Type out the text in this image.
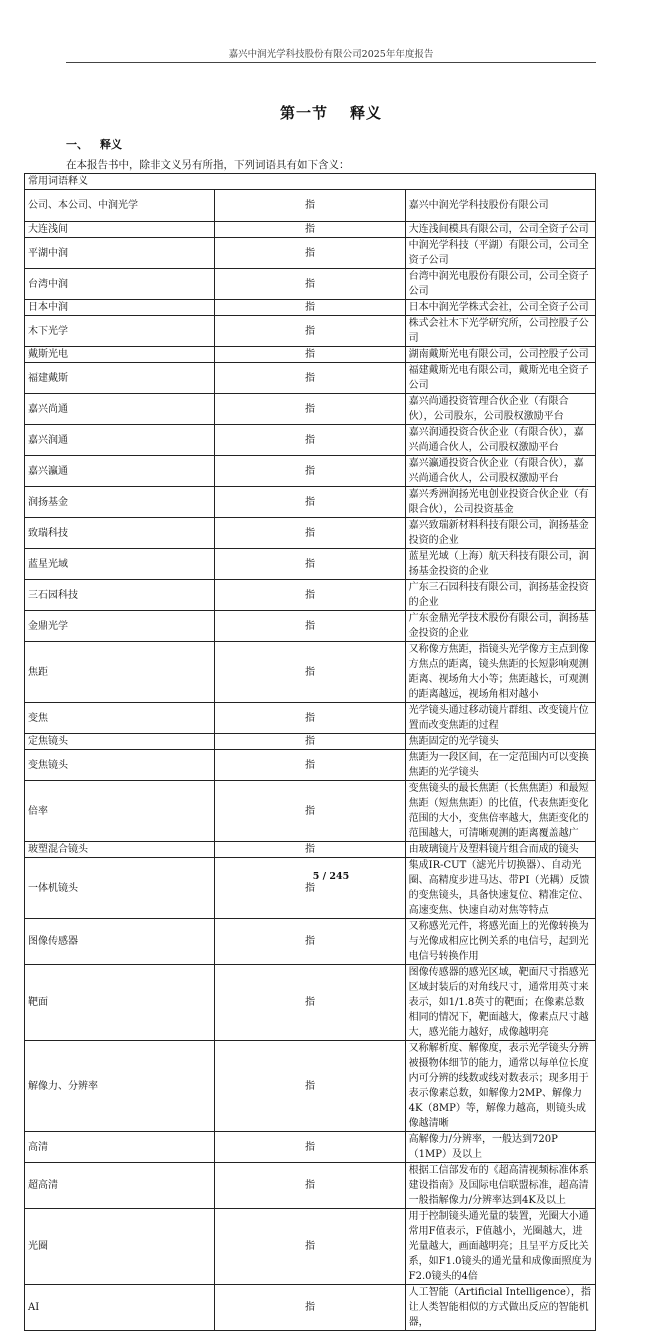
嘉兴中润光学科技股份有限公司2025年年度报告
第一节 释义
一、 释义
在本报告书中，除非文义另有所指，下列词语具有如下含义：
常用词语释义		
公司、本公司、中润光学	指	嘉兴中润光学科技股份有限公司
大连浅间	指	大连浅间模具有限公司，公司全资子公司
平湖中润	指	中润光学科技（平湖）有限公司，公司全资子公司
台湾中润	指	台湾中润光电股份有限公司，公司全资子公司
日本中润	指	日本中润光学株式会社，公司全资子公司
木下光学	指	株式会社木下光学研究所，公司控股子公司
戴斯光电	指	湖南戴斯光电有限公司，公司控股子公司
福建戴斯	指	福建戴斯光电有限公司，戴斯光电全资子公司
嘉兴尚通	指	嘉兴尚通投资管理合伙企业（有限合伙），公司股东，公司股权激励平台
嘉兴润通	指	嘉兴润通投资合伙企业（有限合伙），嘉兴尚通合伙人，公司股权激励平台
嘉兴瀛通	指	嘉兴瀛通投资合伙企业（有限合伙），嘉兴尚通合伙人，公司股权激励平台
润扬基金	指	嘉兴秀洲润扬光电创业投资合伙企业（有限合伙），公司投资基金
致瑞科技	指	嘉兴致瑞新材料科技有限公司，润扬基金投资的企业
蓝星光域	指	蓝星光域（上海）航天科技有限公司，润扬基金投资的企业
三石园科技	指	广东三石园科技有限公司，润扬基金投资的企业
金鼎光学	指	广东金鼎光学技术股份有限公司，润扬基金投资的企业
焦距	指	又称像方焦距，指镜头光学像方主点到像方焦点的距离，镜头焦距的长短影响观测距离、视场角大小等；焦距越长，可观测的距离越远，视场角相对越小
变焦	指	光学镜头通过移动镜片群组、改变镜片位置而改变焦距的过程
定焦镜头	指	焦距固定的光学镜头
变焦镜头	指	焦距为一段区间，在一定范围内可以变换焦距的光学镜头
倍率	指	变焦镜头的最长焦距（长焦焦距）和最短焦距（短焦焦距）的比值，代表焦距变化范围的大小，变焦倍率越大，焦距变化的范围越大，可清晰观测的距离覆盖越广
玻塑混合镜头	指	由玻璃镜片及塑料镜片组合而成的镜头
一体机镜头	指	集成IR-CUT（滤光片切换器）、自动光圈、高精度步进马达、带PI（光耦）反馈的变焦镜头，具备快速复位、精准定位、高速变焦、快速自动对焦等特点
图像传感器	指	又称感光元件，将感光面上的光像转换为与光像成相应比例关系的电信号，起到光电信号转换作用
靶面	指	图像传感器的感光区域，靶面尺寸指感光区域封装后的对角线尺寸，通常用英寸来表示，如1/1.8英寸的靶面；在像素总数相同的情况下，靶面越大，像素点尺寸越大，感光能力越好，成像越明亮
解像力、分辨率	指	又称解析度、解像度，表示光学镜头分辨被摄物体细节的能力，通常以每单位长度内可分辨的线数或线对数表示；现多用于表示像素总数，如解像力2MP、解像力4K（8MP）等，解像力越高，则镜头成像越清晰
高清	指	高解像力/分辨率，一般达到720P（1MP）及以上
超高清	指	根据工信部发布的《超高清视频标准体系建设指南》及国际电信联盟标准，超高清一般指解像力/分辨率达到4K及以上
光圈	指	用于控制镜头通光量的装置，光圈大小通常用F值表示，F值越小，光圈越大，进光量越大，画面越明亮；且呈平方反比关系，如F1.0镜头的通光量和成像面照度为F2.0镜头的4倍
AI	指	人工智能（Artificial Intelligence），指让人类智能相似的方式做出反应的智能机器，
5 / 245
